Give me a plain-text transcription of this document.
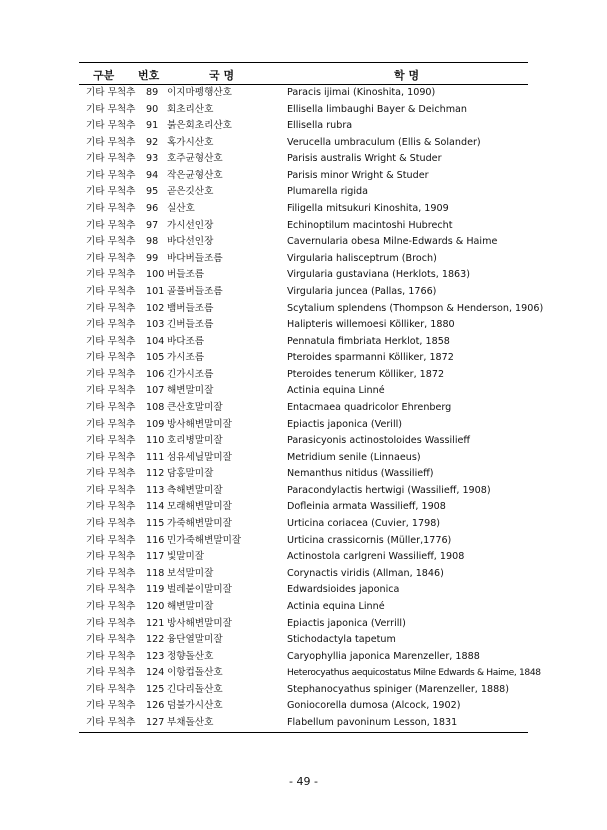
구분 번호	국 명	학 명
기타 무척추 89 이지마펭행산호	Paracis ijimai (Kinoshita, 1090)
기타 무척추 90 회초리산호	Ellisella limbaughi Bayer & Deichman
기타 무척추 91 붉은회초리산호	Ellisella rubra
기타 무척추 92 혹가시산호	Verucella umbraculum (Ellis & Solander)
기타 무척추 93 호주균형산호	Parisis australis Wright & Studer
기타 무척추 94 작은균형산호	Parisis minor Wright & Studer
기타 무척추 95 곧은깃산호	Plumarella rigida
기타 무척추 96 실산호	Filigella mitsukuri Kinoshita, 1909
기타 무척추 97 가시선인장	Echinoptilum macintoshi Hubrecht
기타 무척추 98 바다선인장	Cavernularia obesa Milne-Edwards & Haime
기타 무척추 99 바다버들조름	Virgularia halisceptrum (Broch)
기타 무척추 100 버들조름	Virgularia gustaviana (Herklots, 1863)
기타 무척추 101 골풀버들조름	Virgularia juncea (Pallas, 1766)
기타 무척추 102 뱀버들조름	Scytalium splendens (Thompson & Henderson, 1906)
기타 무척추 103 긴버들조름	Halipteris willemoesi Kölliker, 1880
기타 무척추 104 바다조름	Pennatula fimbriata Herklot, 1858
기타 무척추 105 가시조름	Pteroides sparmanni Kölliker, 1872
기타 무척추 106 긴가시조름	Pteroides tenerum Kölliker, 1872
기타 무척추 107 해변말미잘	Actinia equina Linné
기타 무척추 108 큰산호말미잘	Entacmaea quadricolor Ehrenberg
기타 무척추 109 방사해변말미잘	Epiactis japonica (Verill)
기타 무척추 110 호리병말미잘	Parasicyonis actinostoloides Wassilieff
기타 무척추 111 섬유세닐말미잘	Metridium senile (Linnaeus)
기타 무척추 112 담홍말미잘	Nemanthus nitidus (Wassilieff)
기타 무척추 113 측해변말미잘	Paracondylactis hertwigi (Wassilieff, 1908)
기타 무척추 114 모래해변말미잘	Dofleinia armata Wassilieff, 1908
기타 무척추 115 가죽해변말미잘	Urticina coriacea (Cuvier, 1798)
기타 무척추 116 민가죽해변말미잘	Urticina crassicornis (Müller,1776)
기타 무척추 117 빛말미잘	Actinostola carlgreni Wassilieff, 1908
기타 무척추 118 보석말미잘	Corynactis viridis (Allman, 1846)
기타 무척추 119 벌레붙이말미잘	Edwardsioides japonica
기타 무척추 120 해변말미잘	Actinia equina Linné
기타 무척추 121 방사해변말미잘	Epiactis japonica (Verrill)
기타 무척추 122 융단열말미잘	Stichodactyla tapetum
기타 무척추 123 정향돌산호	Caryophyllia japonica Marenzeller, 1888
기타 무척추 124 이항컵돌산호	Heterocyathus aequicostatus Milne Edwards & Haime, 1848
기타 무척추 125 긴다리돌산호	Stephanocyathus spiniger (Marenzeller, 1888)
기타 무척추 126 덤불가시산호	Goniocorella dumosa (Alcock, 1902)
기타 무척추 127 부채돌산호	Flabellum pavoninum Lesson, 1831
- 49 -
